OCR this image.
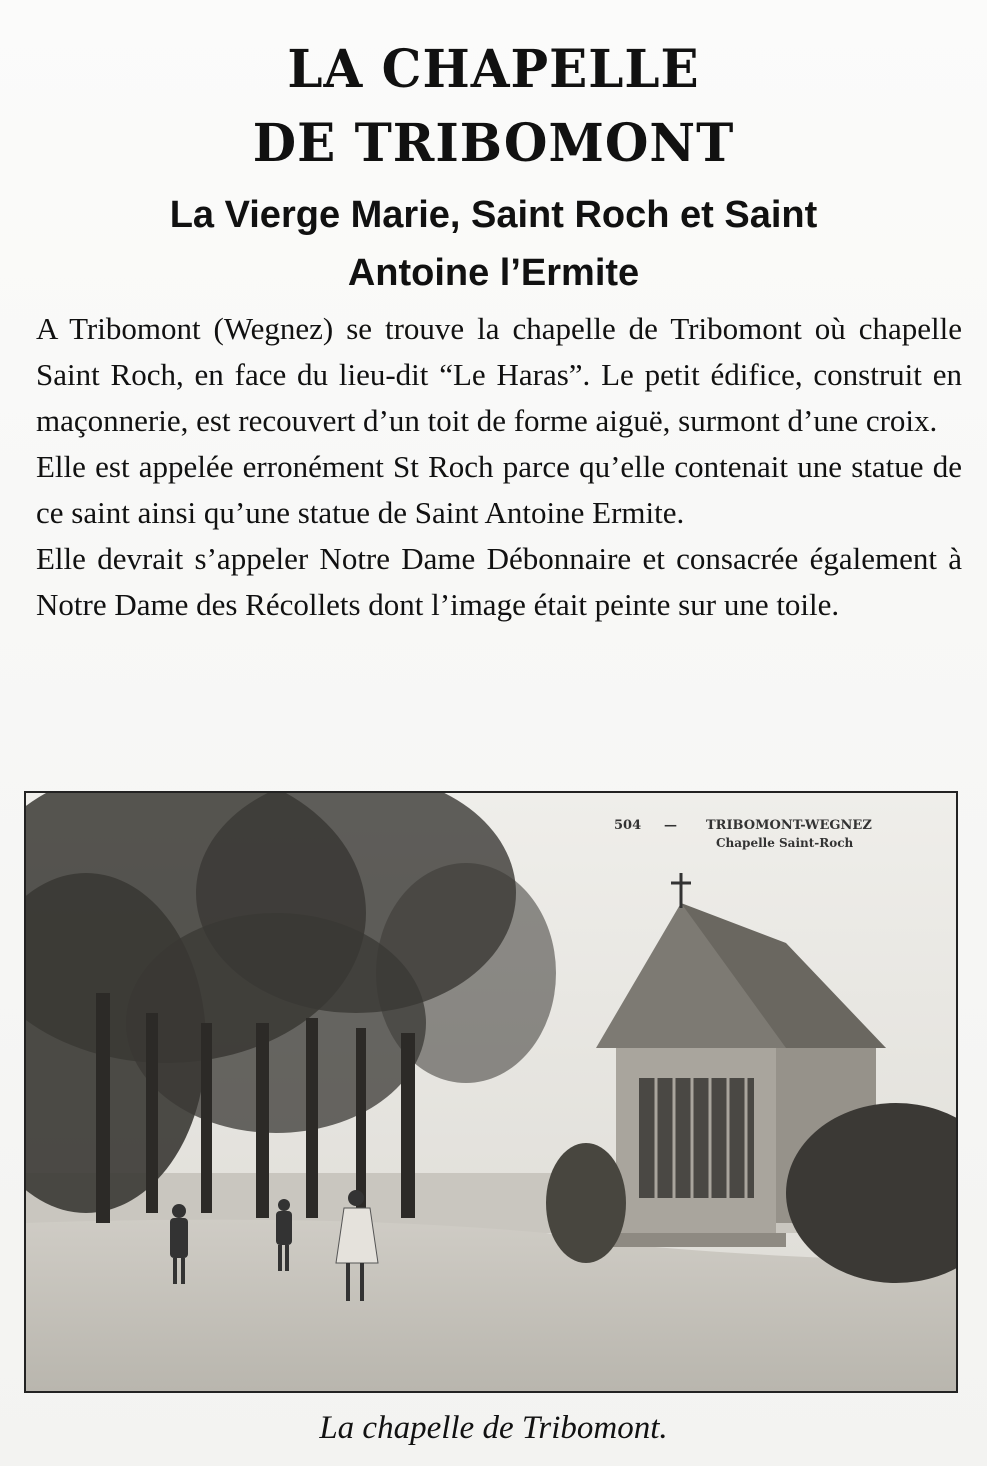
LA CHAPELLE
DE TRIBOMONT
La Vierge Marie, Saint Roch et Saint
Antoine l’Ermite

A Tribomont (Wegnez) se trouve la chapelle de Tribomont où chapelle Saint Roch, en face du lieu-dit “Le Haras”. Le petit édifice, construit en maçonnerie, est recouvert d’un toit de forme aiguë, surmont d’une croix.

Elle est appelée erronément St Roch parce qu’elle contenait une statue de ce saint ainsi qu’une statue de Saint Antoine Ermite.

Elle devrait s’appeler Notre Dame Débonnaire et consacrée également à Notre Dame des Récollets dont l’image était peinte sur une toile.

504 — TRIBOMONT-WEGNEZ
Chapelle Saint-Roch
La chapelle de Tribomont.
